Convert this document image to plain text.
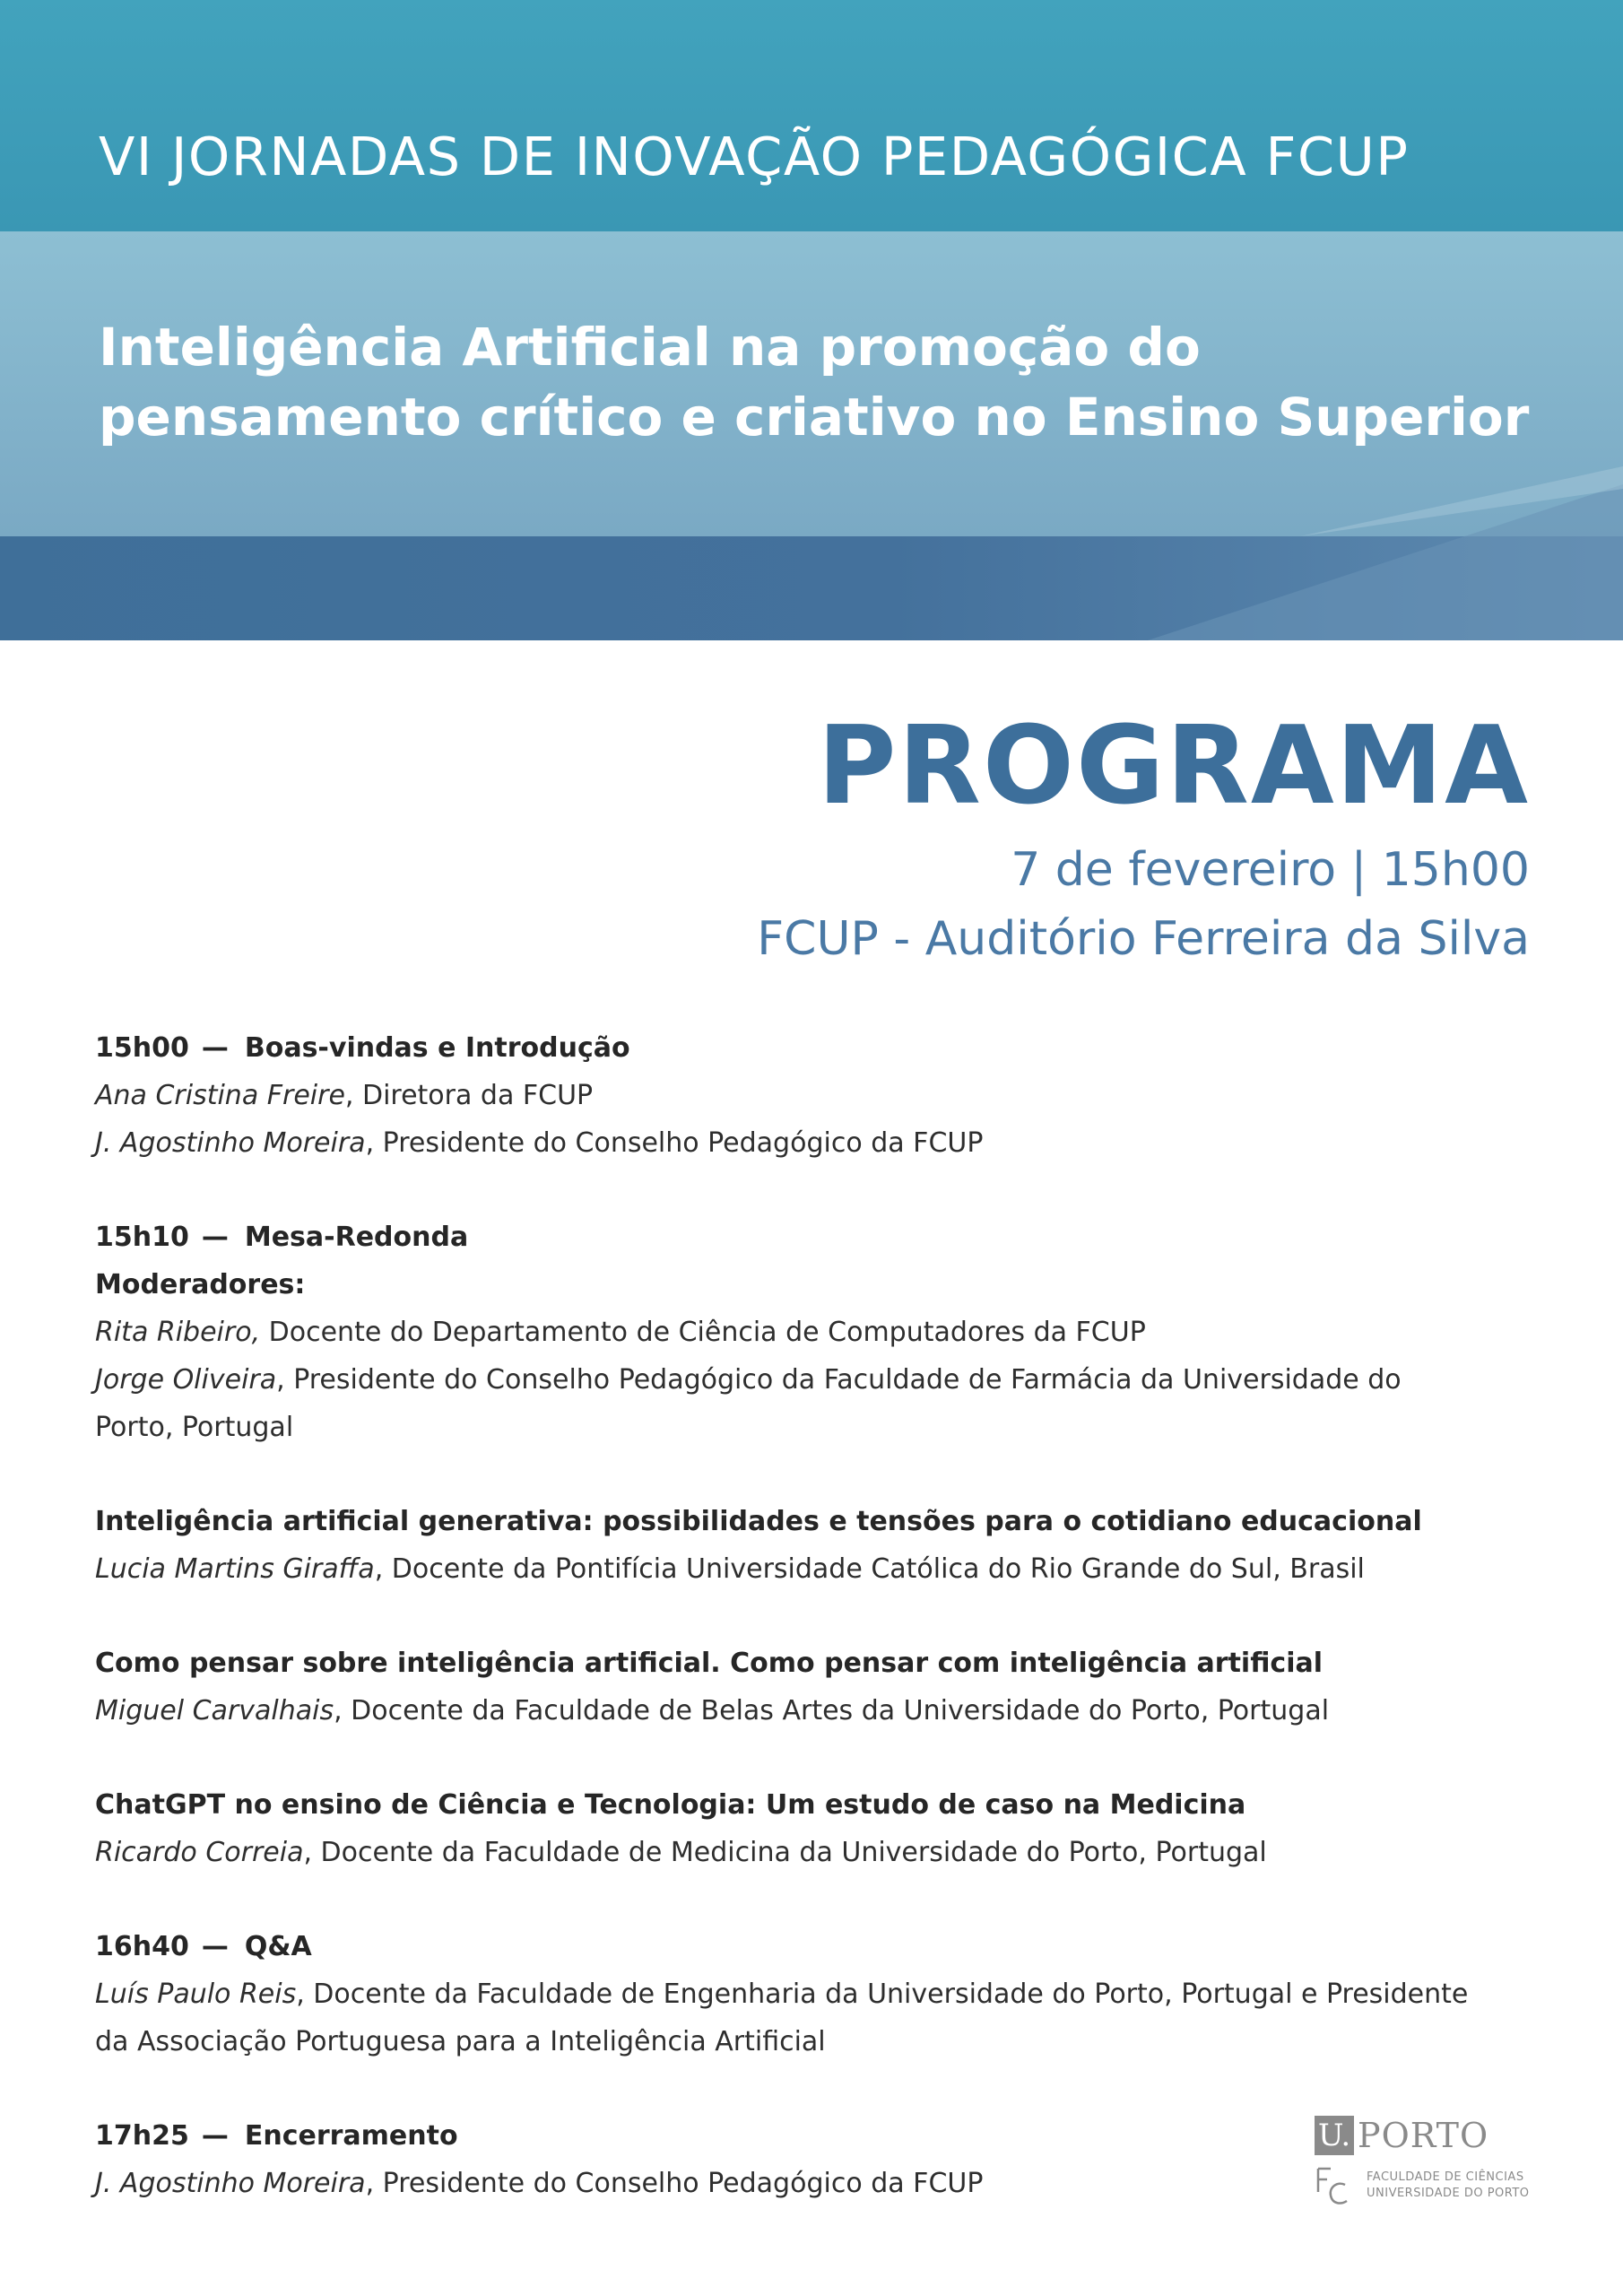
VI JORNADAS DE INOVAÇÃO PEDAGÓGICA FCUP
Inteligência Artificial na promoção do
pensamento crítico e criativo no Ensino Superior
PROGRAMA
7 de fevereiro | 15h00
FCUP - Auditório Ferreira da Silva
15h00 — Boas-vindas e Introdução
Ana Cristina Freire, Diretora da FCUP
J. Agostinho Moreira, Presidente do Conselho Pedagógico da FCUP
15h10 — Mesa-Redonda
Moderadores:
Rita Ribeiro, Docente do Departamento de Ciência de Computadores da FCUP
Jorge Oliveira, Presidente do Conselho Pedagógico da Faculdade de Farmácia da Universidade do
Porto, Portugal
Inteligência artificial generativa: possibilidades e tensões para o cotidiano educacional
Lucia Martins Giraffa, Docente da Pontifícia Universidade Católica do Rio Grande do Sul, Brasil
Como pensar sobre inteligência artificial. Como pensar com inteligência artificial
Miguel Carvalhais, Docente da Faculdade de Belas Artes da Universidade do Porto, Portugal
ChatGPT no ensino de Ciência e Tecnologia: Um estudo de caso na Medicina
Ricardo Correia, Docente da Faculdade de Medicina da Universidade do Porto, Portugal
16h40 — Q&A
Luís Paulo Reis, Docente da Faculdade de Engenharia da Universidade do Porto, Portugal e Presidente
da Associação Portuguesa para a Inteligência Artificial
17h25 — Encerramento
J. Agostinho Moreira, Presidente do Conselho Pedagógico da FCUP
U. PORTO
FACULDADE DE CIÊNCIAS
UNIVERSIDADE DO PORTO
